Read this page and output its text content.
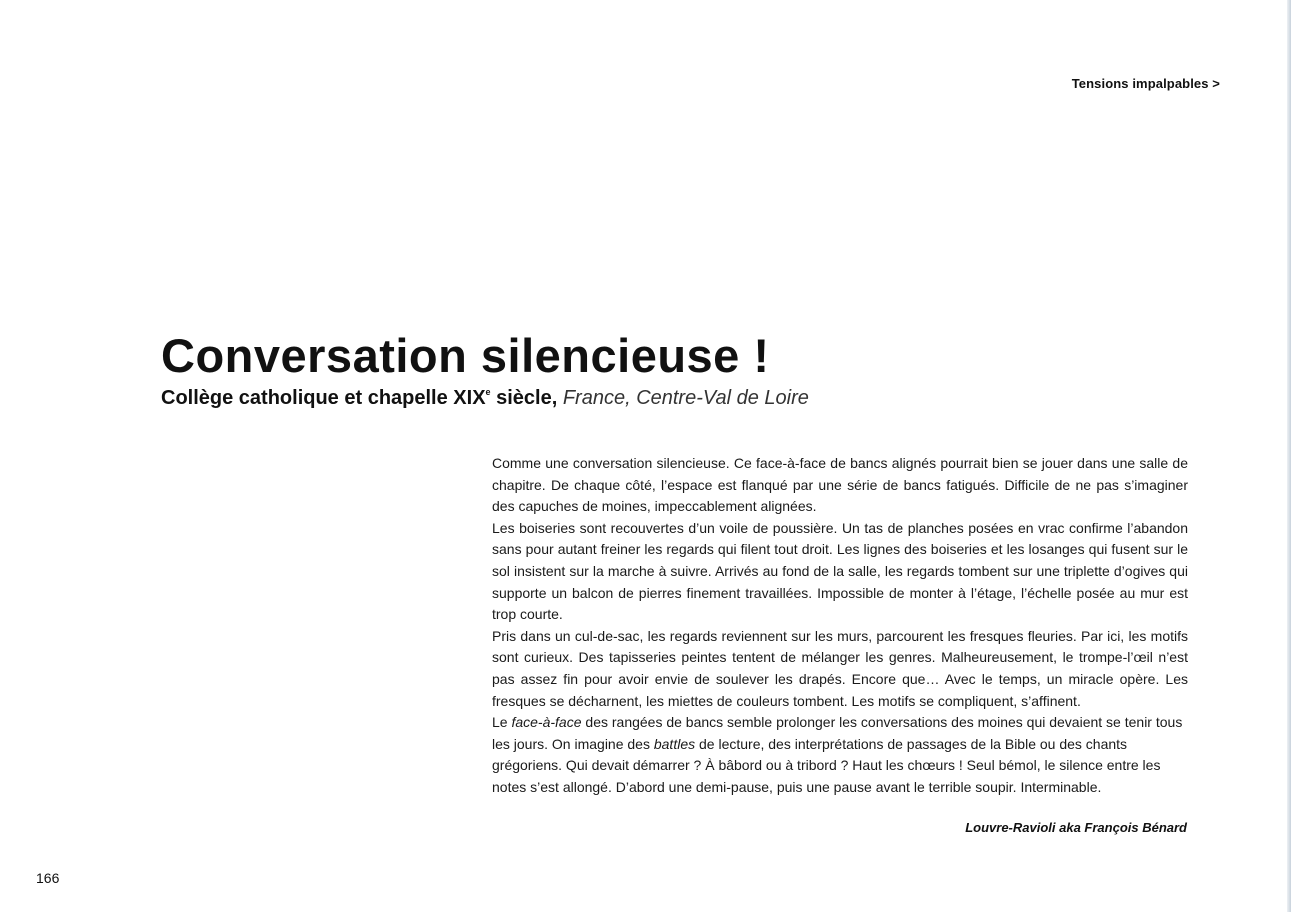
Tensions impalpables >
Conversation silencieuse !
Collège catholique et chapelle XIXe siècle, France, Centre-Val de Loire

Comme une conversation silencieuse. Ce face-à-face de bancs alignés pourrait bien se jouer dans une salle de chapitre. De chaque côté, l’espace est flanqué par une série de bancs fatigués. Difficile de ne pas s’imaginer des capuches de moines, impeccablement alignées.

Les boiseries sont recouvertes d’un voile de poussière. Un tas de planches posées en vrac confirme l’abandon sans pour autant freiner les regards qui filent tout droit. Les lignes des boiseries et les losanges qui fusent sur le sol insistent sur la marche à suivre. Arrivés au fond de la salle, les regards tombent sur une triplette d’ogives qui supporte un balcon de pierres finement travaillées. Impossible de monter à l’étage, l’échelle posée au mur est trop courte.

Pris dans un cul-de-sac, les regards reviennent sur les murs, parcourent les fresques fleuries. Par ici, les motifs sont curieux. Des tapisseries peintes tentent de mélanger les genres. Malheureusement, le trompe-l’œil n’est pas assez fin pour avoir envie de soulever les drapés. Encore que… Avec le temps, un miracle opère. Les fresques se décharnent, les miettes de couleurs tombent. Les motifs se compliquent, s’affinent.

Le face-à-face des rangées de bancs semble prolonger les conversations des moines qui devaient se tenir tous les jours. On imagine des battles de lecture, des interprétations de passages de la Bible ou des chants grégoriens. Qui devait démarrer ? À bâbord ou à tribord ? Haut les chœurs ! Seul bémol, le silence entre les notes s’est allongé. D’abord une demi-pause, puis une pause avant le terrible soupir. Interminable.

Louvre-Ravioli aka François Bénard
166
